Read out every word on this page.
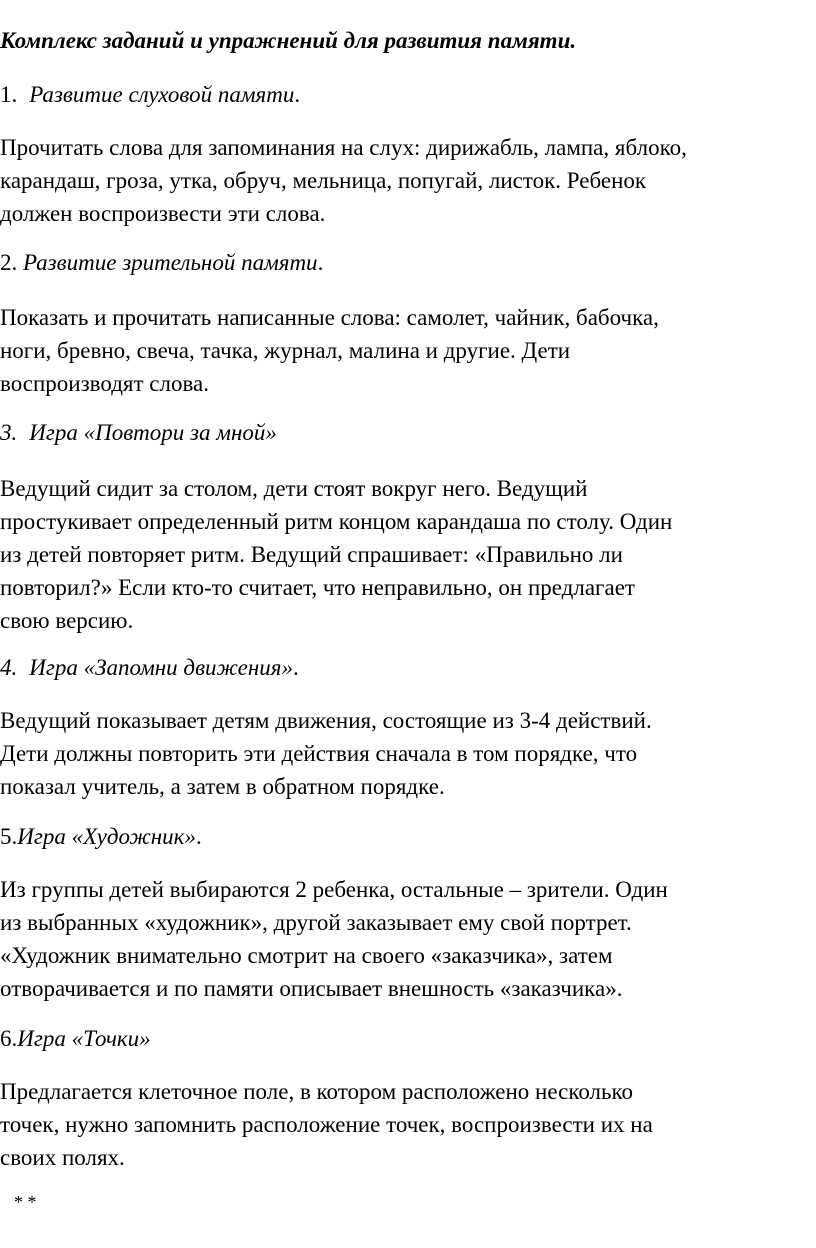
Комплекс заданий и упражнений для развития памяти.
1. Развитие слуховой памяти.
Прочитать слова для запоминания на слух: дирижабль, лампа, яблоко,
карандаш, гроза, утка, обруч, мельница, попугай, листок. Ребенок
должен воспроизвести эти слова.
2. Развитие зрительной памяти.
Показать и прочитать написанные слова: самолет, чайник, бабочка,
ноги, бревно, свеча, тачка, журнал, малина и другие. Дети
воспроизводят слова.
3. Игра «Повтори за мной»
Ведущий сидит за столом, дети стоят вокруг него. Ведущий
простукивает определенный ритм концом карандаша по столу. Один
из детей повторяет ритм. Ведущий спрашивает: «Правильно ли
повторил?» Если кто-то считает, что неправильно, он предлагает
свою версию.
4. Игра «Запомни движения».
Ведущий показывает детям движения, состоящие из 3-4 действий.
Дети должны повторить эти действия сначала в том порядке, что
показал учитель, а затем в обратном порядке.
5.Игра «Художник».
Из группы детей выбираются 2 ребенка, остальные – зрители. Один
из выбранных «художник», другой заказывает ему свой портрет.
«Художник внимательно смотрит на своего «заказчика», затем
отворачивается и по памяти описывает внешность «заказчика».
6.Игра «Точки»
Предлагается клеточное поле, в котором расположено несколько
точек, нужно запомнить расположение точек, воспроизвести их на
своих полях.
* *
